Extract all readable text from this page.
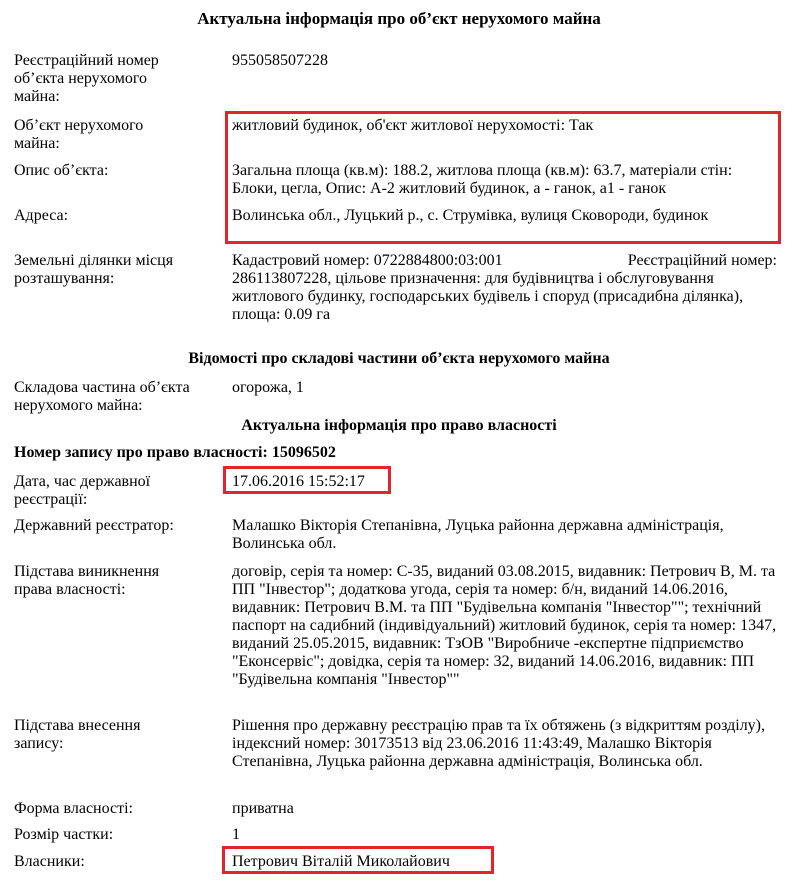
Актуальна інформація про об’єкт нерухомого майна
Реєстраційний номер об’єкта нерухомого майна:
955058507228
Об’єкт нерухомого майна:
житловий будинок, об'єкт житлової нерухомості: Так
Опис об’єкта:	Загальна площа (кв.м): 188.2, житлова площа (кв.м): 63.7, матеріали стін: Блоки, цегла, Опис: А-2 житловий будинок, а - ганок, а1 - ганок
Адреса:	Волинська обл., Луцький р., с. Струмівка, вулиця Сковороди, будинок
Земельні ділянки місця розташування:
Кадастровий номер: 0722884800:03:001	Реєстраційний номер:
286113807228, цільове призначення: для будівництва і обслуговування житлового будинку, господарських будівель і споруд (присадибна ділянка), площа: 0.09 га
Відомості про складові частини об’єкта нерухомого майна
Складова частина об’єкта нерухомого майна:
огорожа, 1
Актуальна інформація про право власності
Номер запису про право власності: 15096502
Дата, час державної реєстрації:
17.06.2016 15:52:17
Державний реєстратор:	Малашко Вікторія Степанівна, Луцька районна державна адміністрація, Волинська обл.
Підстава виникнення права власності:
договір, серія та номер: С-35, виданий 03.08.2015, видавник: Петрович В, М. та ПП "Інвестор"; додаткова угода, серія та номер: б/н, виданий 14.06.2016, видавник: Петрович В.М. та ПП "Будівельна компанія "Інвестор""; технічний паспорт на садибний (індивідуальний) житловий будинок, серія та номер: 1347, виданий 25.05.2015, видавник: ТзОВ "Виробниче -експертне підприємство "Еконсервіс"; довідка, серія та номер: 32, виданий 14.06.2016, видавник: ПП "Будівельна компанія "Інвестор""
Підстава внесення запису:
Рішення про державну реєстрацію прав та їх обтяжень (з відкриттям розділу), індексний номер: 30173513 від 23.06.2016 11:43:49, Малашко Вікторія Степанівна, Луцька районна державна адміністрація, Волинська обл.
Форма власності:	приватна
Розмір частки:	1
Власники:	Петрович Віталій Миколайович
